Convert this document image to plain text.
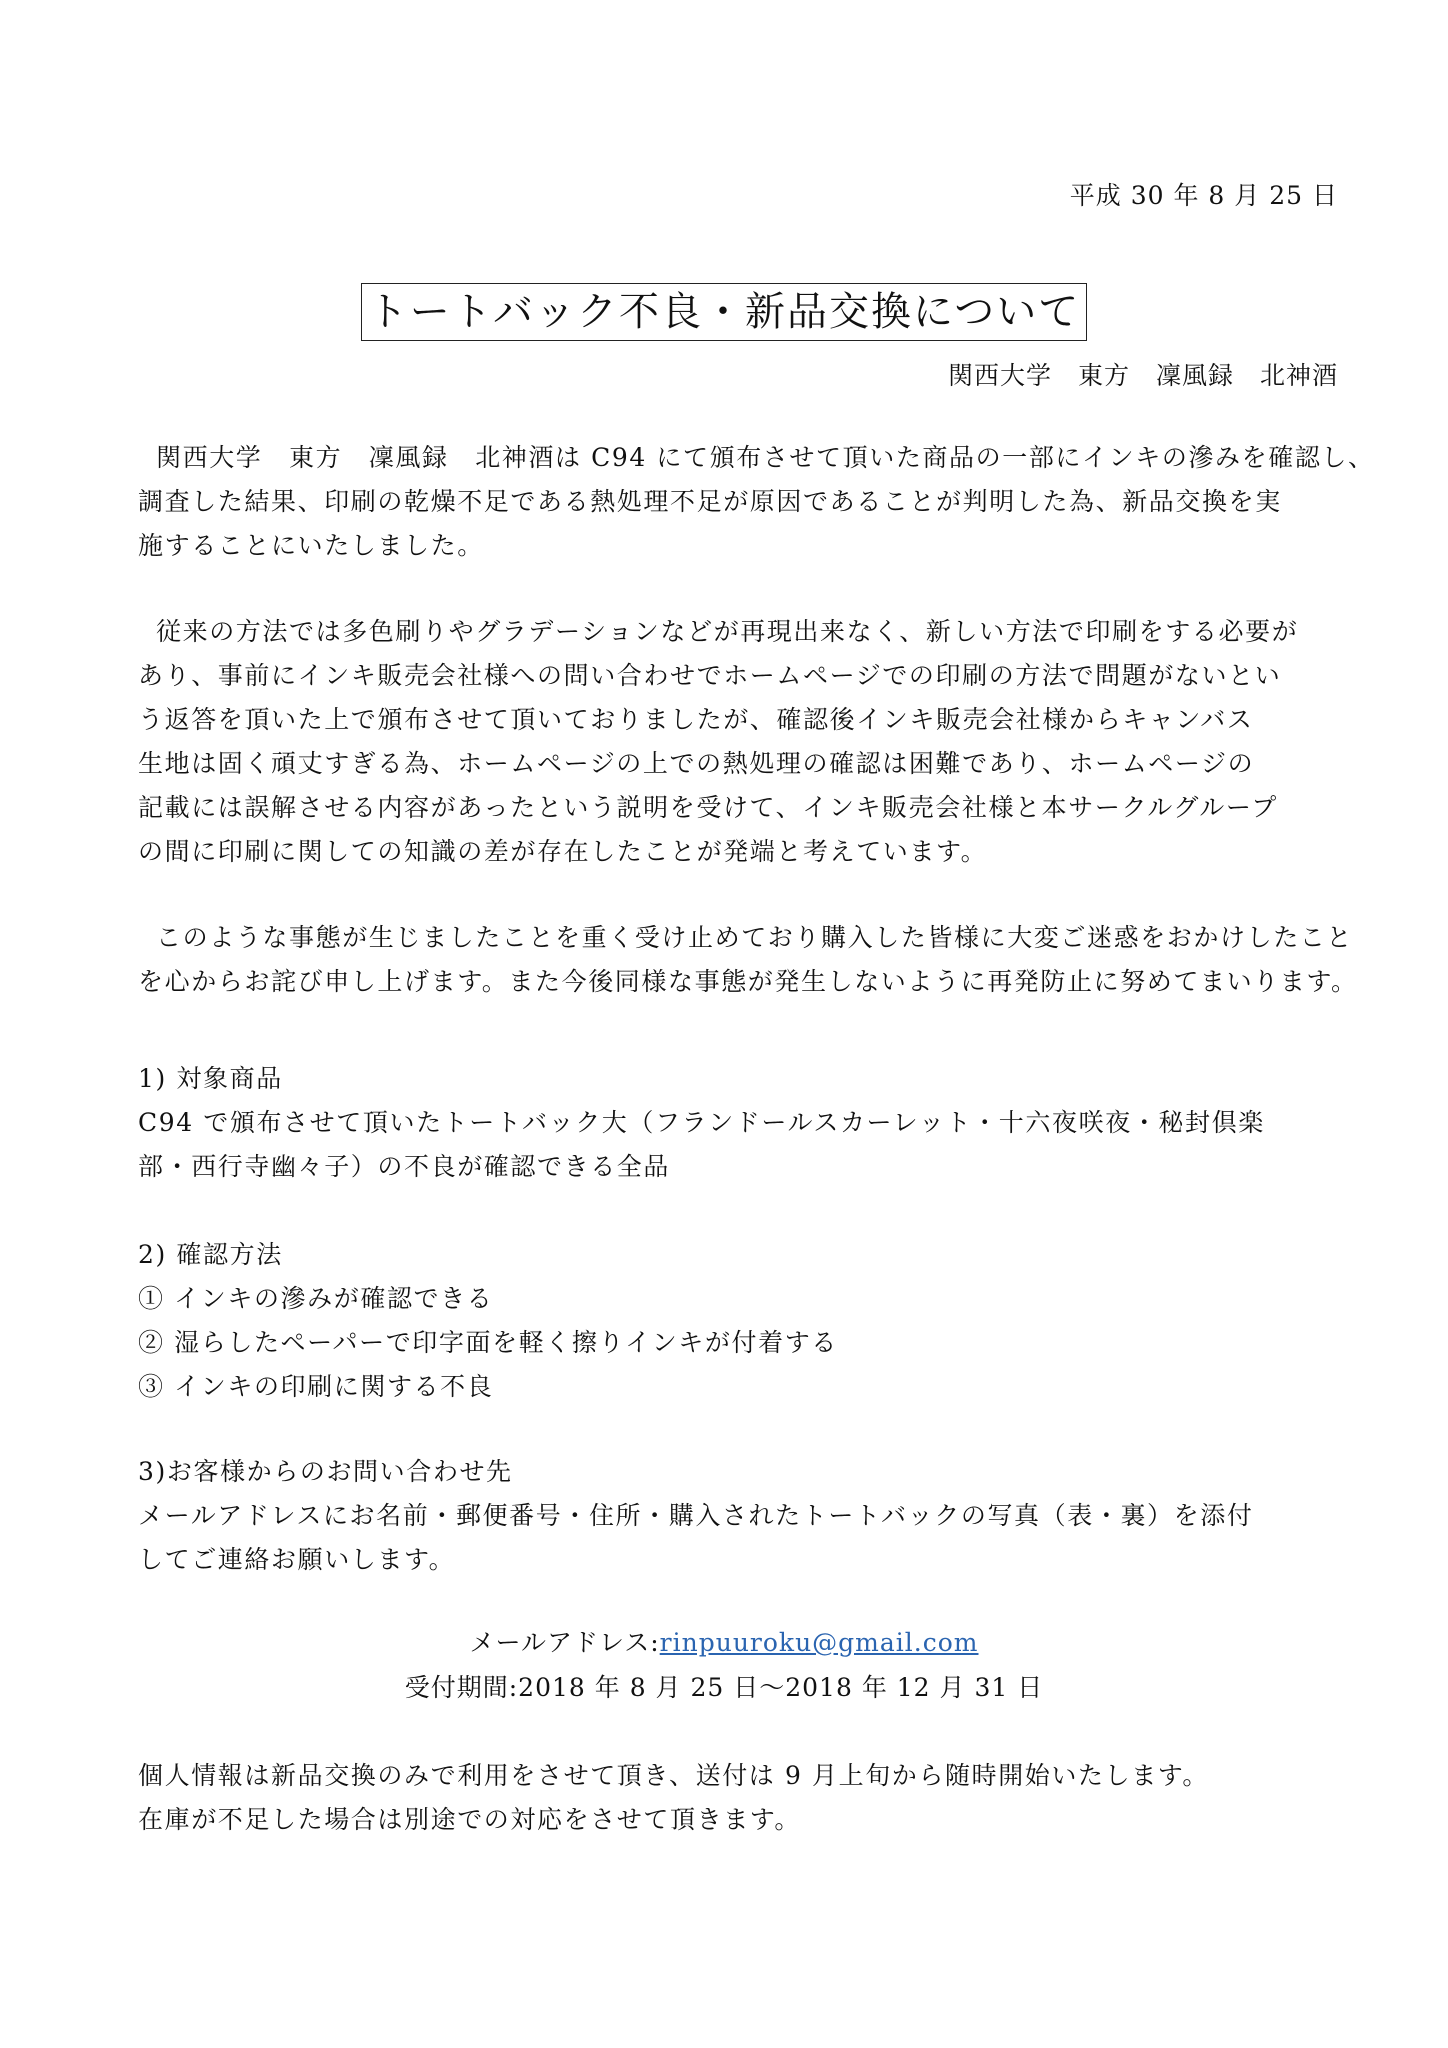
平成 30 年 8 月 25 日
トートバック不良・新品交換について
関西大学　東方　凜風録　北神酒
関西大学　東方　凜風録　北神酒は C94 にて頒布させて頂いた商品の一部にインキの滲みを確認し、
調査した結果、印刷の乾燥不足である熱処理不足が原因であることが判明した為、新品交換を実
施することにいたしました。
従来の方法では多色刷りやグラデーションなどが再現出来なく、新しい方法で印刷をする必要が
あり、事前にインキ販売会社様への問い合わせでホームページでの印刷の方法で問題がないとい
う返答を頂いた上で頒布させて頂いておりましたが、確認後インキ販売会社様からキャンバス
生地は固く頑丈すぎる為、ホームページの上での熱処理の確認は困難であり、ホームページの
記載には誤解させる内容があったという説明を受けて、インキ販売会社様と本サークルグループ
の間に印刷に関しての知識の差が存在したことが発端と考えています。
このような事態が生じましたことを重く受け止めており購入した皆様に大変ご迷惑をおかけしたこと
を心からお詫び申し上げます。また今後同様な事態が発生しないように再発防止に努めてまいります。
1) 対象商品
C94 で頒布させて頂いたトートバック大（フランドールスカーレット・十六夜咲夜・秘封倶楽
部・西行寺幽々子）の不良が確認できる全品
2) 確認方法
① インキの滲みが確認できる
② 湿らしたペーパーで印字面を軽く擦りインキが付着する
③ インキの印刷に関する不良
3)お客様からのお問い合わせ先
メールアドレスにお名前・郵便番号・住所・購入されたトートバックの写真（表・裏）を添付
してご連絡お願いします。
メールアドレス:rinpuuroku@gmail.com
受付期間:2018 年 8 月 25 日～2018 年 12 月 31 日
個人情報は新品交換のみで利用をさせて頂き、送付は 9 月上旬から随時開始いたします。
在庫が不足した場合は別途での対応をさせて頂きます。
